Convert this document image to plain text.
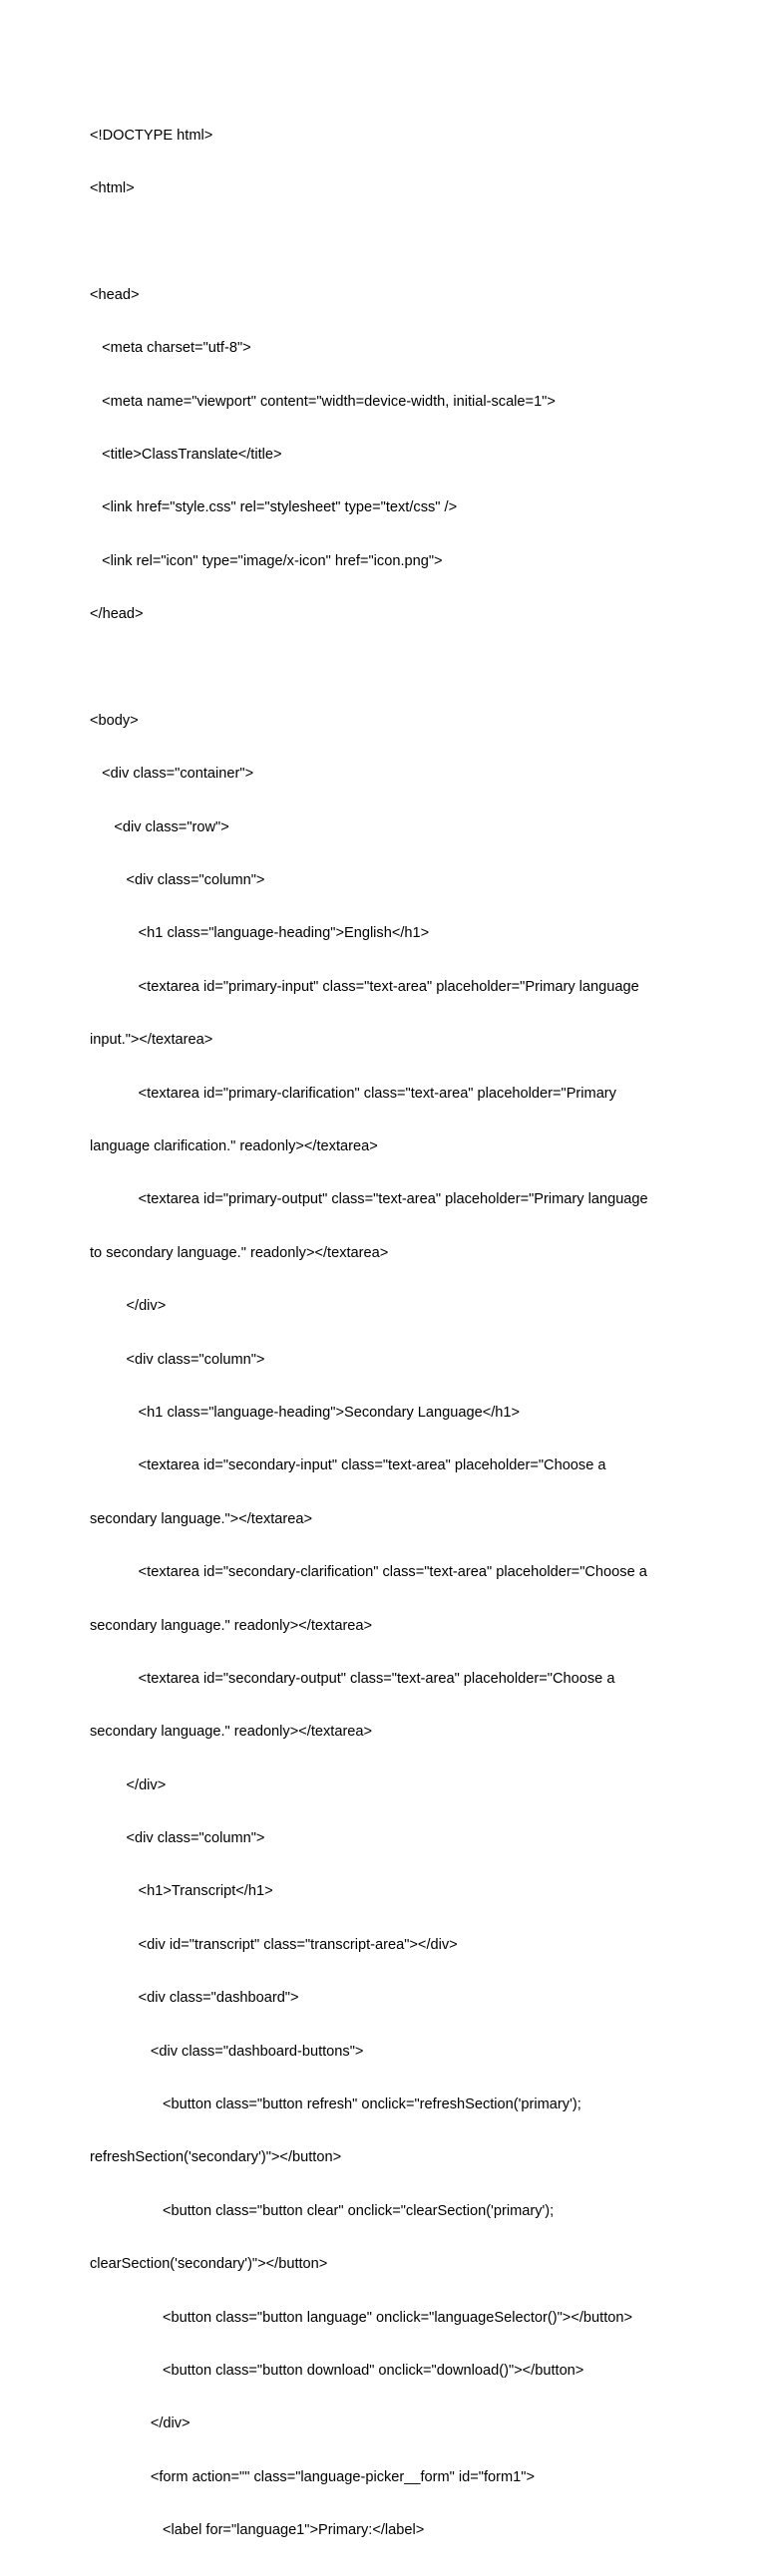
<!DOCTYPE html>

<html>

<head>

<meta charset="utf-8">

<meta name="viewport" content="width=device-width, initial-scale=1">

<title>ClassTranslate</title>

<link href="style.css" rel="stylesheet" type="text/css" />

<link rel="icon" type="image/x-icon" href="icon.png">

</head>

<body>

<div class="container">

<div class="row">

<div class="column">

<h1 class="language-heading">English</h1>

<textarea id="primary-input" class="text-area" placeholder="Primary language

input."></textarea>

<textarea id="primary-clarification" class="text-area" placeholder="Primary

language clarification." readonly></textarea>

<textarea id="primary-output" class="text-area" placeholder="Primary language

to secondary language." readonly></textarea>

</div>

<div class="column">

<h1 class="language-heading">Secondary Language</h1>

<textarea id="secondary-input" class="text-area" placeholder="Choose a

secondary language."></textarea>

<textarea id="secondary-clarification" class="text-area" placeholder="Choose a

secondary language." readonly></textarea>

<textarea id="secondary-output" class="text-area" placeholder="Choose a

secondary language." readonly></textarea>

</div>

<div class="column">

<h1>Transcript</h1>

<div id="transcript" class="transcript-area"></div>

<div class="dashboard">

<div class="dashboard-buttons">

<button class="button refresh" onclick="refreshSection('primary');

refreshSection('secondary')"></button>

<button class="button clear" onclick="clearSection('primary');

clearSection('secondary')"></button>

<button class="button language" onclick="languageSelector()"></button>

<button class="button download" onclick="download()"></button>

</div>

<form action="" class="language-picker__form" id="form1">

<label for="language1">Primary:</label>
